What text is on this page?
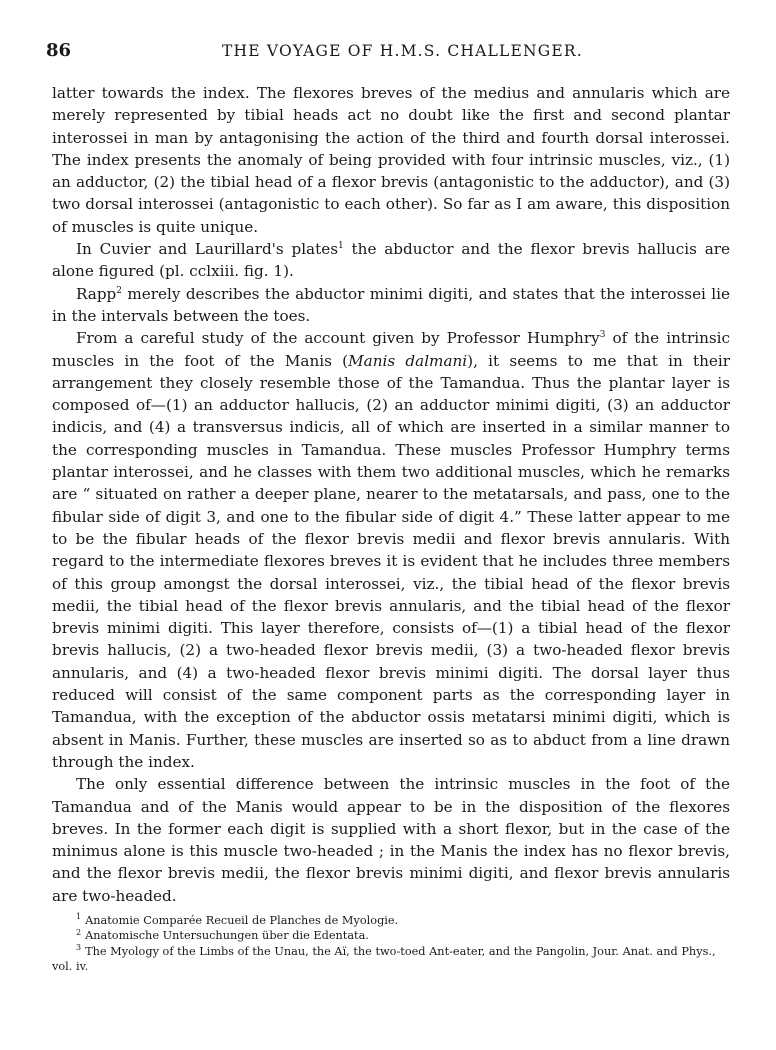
86	THE VOYAGE OF H.M.S. CHALLENGER.

latter towards the index. The flexores breves of the medius and annularis which are merely represented by tibial heads act no doubt like the first and second plantar interossei in man by antagonising the action of the third and fourth dorsal interossei. The index presents the anomaly of being provided with four intrinsic muscles, viz., (1) an adductor, (2) the tibial head of a flexor brevis (antagonistic to the adductor), and (3) two dorsal interossei (antagonistic to each other). So far as I am aware, this disposition of muscles is quite unique.

In Cuvier and Laurillard's plates$^1$ the abductor and the flexor brevis hallucis are alone figured (pl. cclxiii. fig. 1).

Rapp$^2$ merely describes the abductor minimi digiti, and states that the interossei lie in the intervals between the toes.

From a careful study of the account given by Professor Humphry$^3$ of the intrinsic muscles in the foot of the Manis (Manis dalmani), it seems to me that in their arrangement they closely resemble those of the Tamandua. Thus the plantar layer is composed of—(1) an adductor hallucis, (2) an adductor minimi digiti, (3) an adductor indicis, and (4) a transversus indicis, all of which are inserted in a similar manner to the corresponding muscles in Tamandua. These muscles Professor Humphry terms plantar interossei, and he classes with them two additional muscles, which he remarks are “ situated on rather a deeper plane, nearer to the metatarsals, and pass, one to the fibular side of digit 3, and one to the fibular side of digit 4.” These latter appear to me to be the fibular heads of the flexor brevis medii and flexor brevis annularis. With regard to the intermediate flexores breves it is evident that he includes three members of this group amongst the dorsal interossei, viz., the tibial head of the flexor brevis medii, the tibial head of the flexor brevis annularis, and the tibial head of the flexor brevis minimi digiti. This layer therefore, consists of—(1) a tibial head of the flexor brevis hallucis, (2) a two-headed flexor brevis medii, (3) a two-headed flexor brevis annularis, and (4) a two-headed flexor brevis minimi digiti. The dorsal layer thus reduced will consist of the same component parts as the corresponding layer in Tamandua, with the exception of the abductor ossis metatarsi minimi digiti, which is absent in Manis. Further, these muscles are inserted so as to abduct from a line drawn through the index.

The only essential difference between the intrinsic muscles in the foot of the Tamandua and of the Manis would appear to be in the disposition of the flexores breves. In the former each digit is supplied with a short flexor, but in the case of the minimus alone is this muscle two-headed ; in the Manis the index has no flexor brevis, and the flexor brevis medii, the flexor brevis minimi digiti, and flexor brevis annularis are two-headed.

$^1$ Anatomie Comparée Recueil de Planches de Myologie.
$^2$ Anatomische Untersuchungen über die Edentata.
$^3$ The Myology of the Limbs of the Unau, the Aï, the two-toed Ant-eater, and the Pangolin, Jour. Anat. and Phys., vol. iv.
